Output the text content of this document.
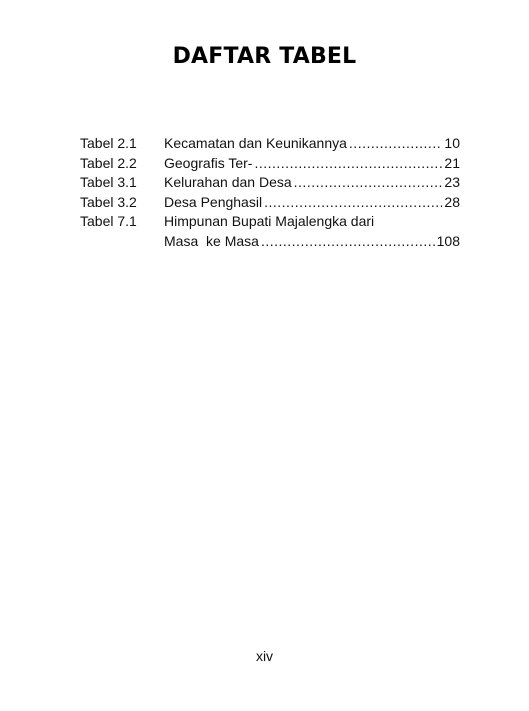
DAFTAR TABEL
Tabel 2.1	Kecamatan dan Keunikannya .....	10
Tabel 2.2	Geografis Ter- .....	21
Tabel 3.1	Kelurahan dan Desa .....	23
Tabel 3.2	Desa Penghasil .....	28
Tabel 7.1	Himpunan Bupati Majalengka dari
Masa  ke Masa .....	108
xiv
